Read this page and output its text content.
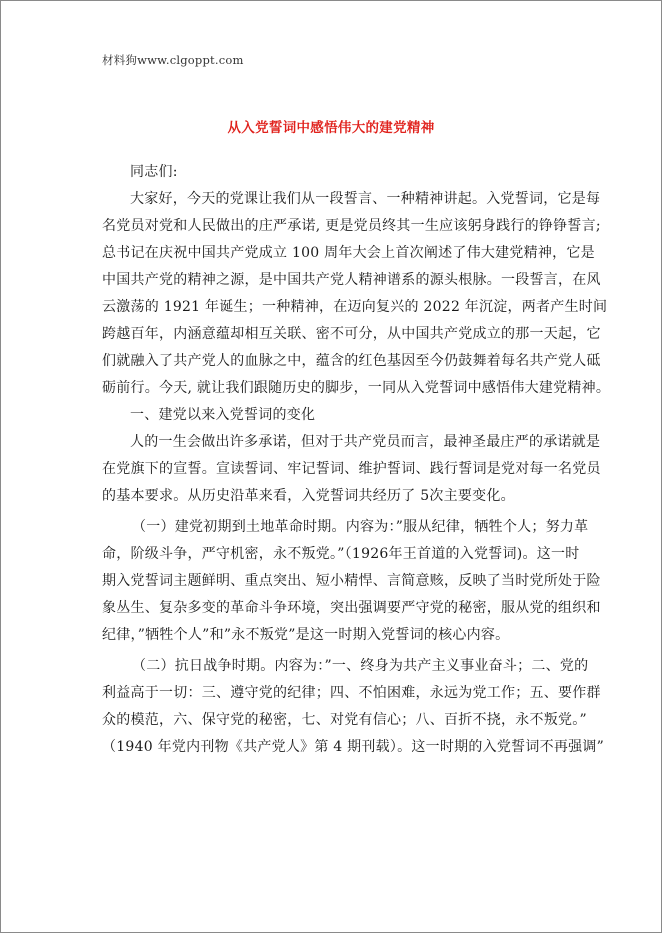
材料狗www.clgoppt.com
从入党誓词中感悟伟大的建党精神
同志们:
大家好，今天的党课让我们从一段誓言、一种精神讲起。入党誓词，它是每
名党员对党和人民做出的庄严承诺, 更是党员终其一生应该躬身践行的铮铮誓言;
总书记在庆祝中国共产党成立 100 周年大会上首次阐述了伟大建党精神，它是
中国共产党的精神之源，是中国共产党人精神谱系的源头根脉。一段誓言，在风
云激荡的 1921 年诞生；一种精神，在迈向复兴的 2022 年沉淀，两者产生时间
跨越百年，内涵意蕴却相互关联、密不可分，从中国共产党成立的那一天起，它
们就融入了共产党人的血脉之中，蕴含的红色基因至今仍鼓舞着每名共产党人砥
砺前行。今天, 就让我们跟随历史的脚步，一同从入党誓词中感悟伟大建党精神。
一、建党以来入党誓词的变化
人的一生会做出许多承诺，但对于共产党员而言，最神圣最庄严的承诺就是
在党旗下的宣誓。宣读誓词、牢记誓词、维护誓词、践行誓词是党对每一名党员
的基本要求。从历史沿革来看，入党誓词共经历了 5次主要变化。
（一）建党初期到土地革命时期。内容为：”服从纪律，牺牲个人；努力革
命，阶级斗争，严守机密，永不叛党。”（1926年王首道的入党誓词)。这一时
期入党誓词主题鲜明、重点突出、短小精悍、言简意赅，反映了当时党所处于险
象丛生、复杂多变的革命斗争环境，突出强调要严守党的秘密，服从党的组织和
纪律，”牺牲个人”和”永不叛党”是这一时期入党誓词的核心内容。
（二）抗日战争时期。内容为：”一、终身为共产主义事业奋斗；二、党的
利益高于一切：三、遵守党的纪律；四、不怕困难，永远为党工作；五、要作群
众的模范，六、保守党的秘密，七、对党有信心；八、百折不挠，永不叛党。”
（1940 年党内刊物《共产党人》第 4 期刊载）。这一时期的入党誓词不再强调”
